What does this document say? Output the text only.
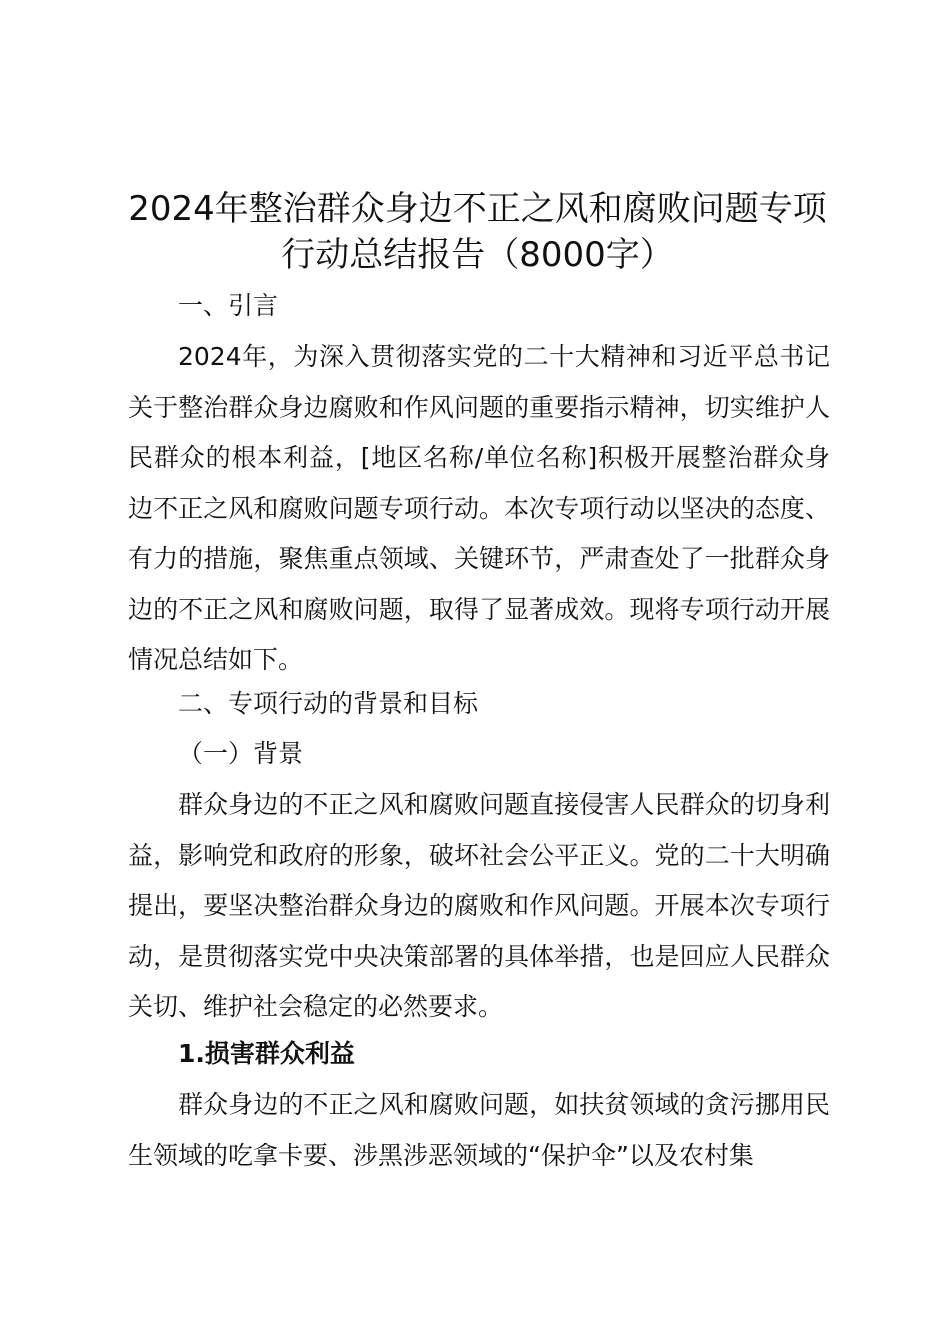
2024年整治群众身边不正之风和腐败问题专项行动总结报告（8000字）

一、引言

2024年，为深入贯彻落实党的二十大精神和习近平总书记关于整治群众身边腐败和作风问题的重要指示精神，切实维护人民群众的根本利益，[地区名称/单位名称]积极开展整治群众身边不正之风和腐败问题专项行动。本次专项行动以坚决的态度、有力的措施，聚焦重点领域、关键环节，严肃查处了一批群众身边的不正之风和腐败问题，取得了显著成效。现将专项行动开展情况总结如下。

二、专项行动的背景和目标

（一）背景

群众身边的不正之风和腐败问题直接侵害人民群众的切身利益，影响党和政府的形象，破坏社会公平正义。党的二十大明确提出，要坚决整治群众身边的腐败和作风问题。开展本次专项行动，是贯彻落实党中央决策部署的具体举措，也是回应人民群众关切、维护社会稳定的必然要求。

1.损害群众利益

群众身边的不正之风和腐败问题，如扶贫领域的贪污挪用民生领域的吃拿卡要、涉黑涉恶领域的“保护伞”以及农村集
